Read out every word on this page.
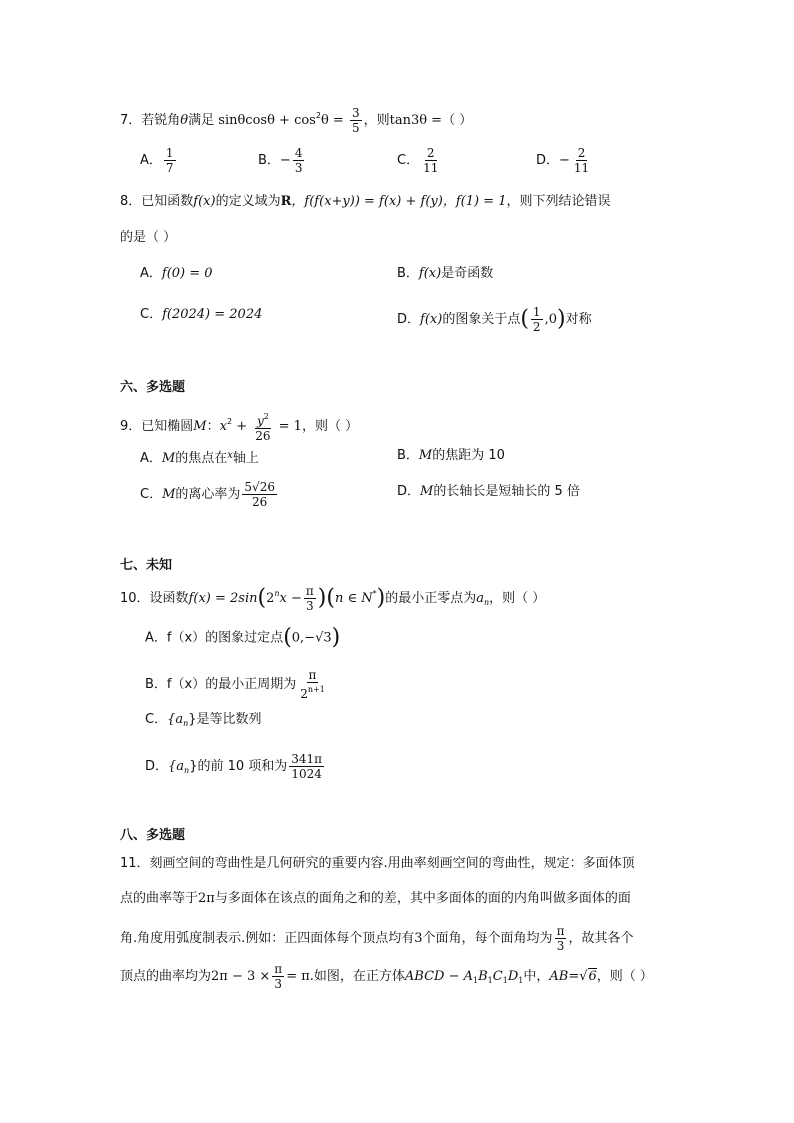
7．若锐角θ满足 $\sin\theta\cos\theta + \cos^2\theta = \frac{3}{5}$ ，则tan3θ =（ ）
A． $\frac{1}{7}$	B．− $\frac{4}{3}$	C． $\frac{2}{11}$	D．− $\frac{2}{11}$
8．已知函数f(x)的定义域为R，f(f(x+y)) = f(x) + f(y)，f(1) = 1，则下列结论错误
的是（ ）
A．f(0) = 0	B．f(x)是奇函数
C．f(2024) = 2024	D．f(x)的图象关于点( $\frac{1}{2} ,0$)对称
六、多选题
9．已知椭圆M：$x^2 + \frac{y^2}{26} = 1$，则（ ）
A．M的焦点在$^x$轴上	B．M的焦距为 10
C．M的离心率为 $\frac{5√26}{26}$	D．M的长轴长是短轴长的 5 倍
七、未知
10．设函数$f(x) = 2\sin(2^nx - \frac{\pi}{3} )(n$ ∈ N*)的最小正零点为$a_n$，则（ ）
A．f（x）的图象过定点(0,−√3)
B．f（x）的最小正周期为 $\frac{\pi}{2^{n+1}}$
C．$\{a_n\}$是等比数列
D．$\{a_n\}$的前 10 项和为 $\frac{341\pi}{1024}$
八、多选题
11．刻画空间的弯曲性是几何研究的重要内容.用曲率刻画空间的弯曲性，规定：多面体顶
点的曲率等于2π与多面体在该点的面角之和的差，其中多面体的面的内角叫做多面体的面
角.角度用弧度制表示.例如：正四面体每个顶点均有3个面角，每个面角均为 $\frac{\pi}{3}$ ，故其各个
顶点的曲率均为$2\pi - 3 \times \frac{\pi}{3} = \pi$.如图，在正方体ABCD − $A_1B_1C_1D_1$中，AB=√6，则（ ）
